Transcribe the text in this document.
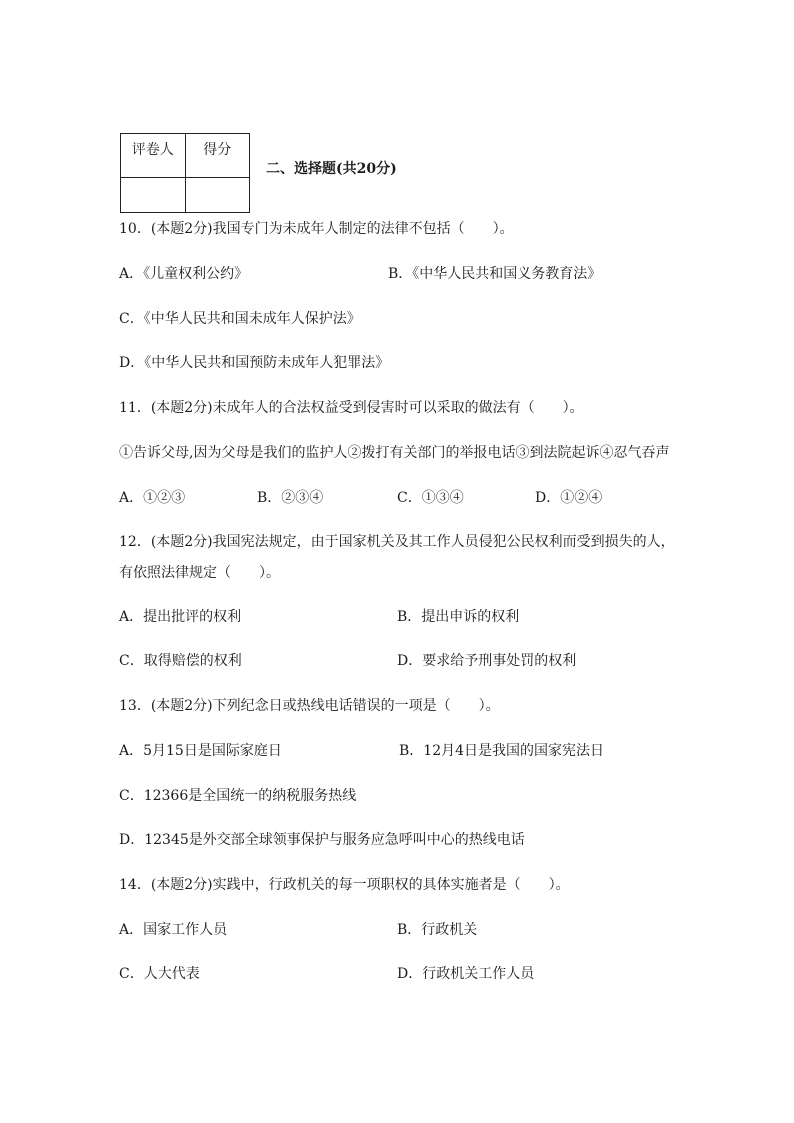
评卷人	得分

二、选择题(共20分)
10．(本题2分)我国专门为未成年人制定的法律不包括（　　）。
A．《儿童权利公约》	B．《中华人民共和国义务教育法》
C．《中华人民共和国未成年人保护法》
D．《中华人民共和国预防未成年人犯罪法》
11．(本题2分)未成年人的合法权益受到侵害时可以采取的做法有（　　）。
①告诉父母,因为父母是我们的监护人②拨打有关部门的举报电话③到法院起诉④忍气吞声
A．①②③	B．②③④	C．①③④	D．①②④
12．(本题2分)我国宪法规定，由于国家机关及其工作人员侵犯公民权利而受到损失的人，
有依照法律规定（　　）。
A．提出批评的权利	B．提出申诉的权利
C．取得赔偿的权利	D．要求给予刑事处罚的权利
13．(本题2分)下列纪念日或热线电话错误的一项是（　　）。
A．5月15日是国际家庭日	B．12月4日是我国的国家宪法日
C．12366是全国统一的纳税服务热线
D．12345是外交部全球领事保护与服务应急呼叫中心的热线电话
14．(本题2分)实践中，行政机关的每一项职权的具体实施者是（　　）。
A．国家工作人员	B．行政机关
C．人大代表	D．行政机关工作人员
